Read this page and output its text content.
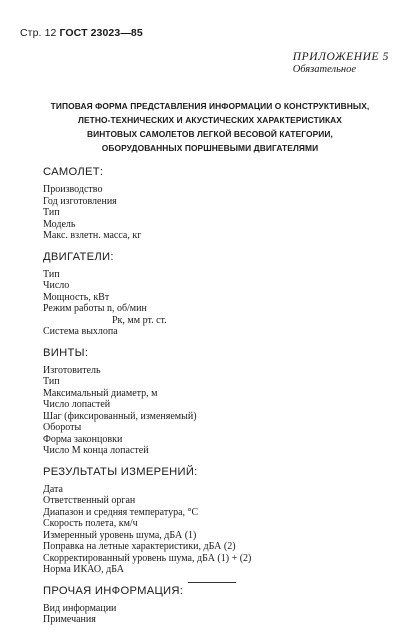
Стр. 12 ГОСТ 23023—85
ПРИЛОЖЕНИЕ 5
Обязательное
ТИПОВАЯ ФОРМА ПРЕДСТАВЛЕНИЯ ИНФОРМАЦИИ О КОНСТРУКТИВНЫХ,
ЛЕТНО-ТЕХНИЧЕСКИХ И АКУСТИЧЕСКИХ ХАРАКТЕРИСТИКАХ
ВИНТОВЫХ САМОЛЕТОВ ЛЕГКОЙ ВЕСОВОЙ КАТЕГОРИИ,
ОБОРУДОВАННЫХ ПОРШНЕВЫМИ ДВИГАТЕЛЯМИ
САМОЛЕТ:
Производство
Год изготовления
Тип
Модель
Макс. взлетн. масса, кг
ДВИГАТЕЛИ:
Тип
Число
Мощность, кВт
Режим работы n, об/мин
Pк, мм рт. ст.
Система выхлопа
ВИНТЫ:
Изготовитель
Тип
Максимальный диаметр, м
Число лопастей
Шаг (фиксированный, изменяемый)
Обороты
Форма законцовки
Число M конца лопастей
РЕЗУЛЬТАТЫ ИЗМЕРЕНИЙ:
Дата
Ответственный орган
Диапазон и средняя температура, °С
Скорость полета, км/ч
Измеренный уровень шума, дБА (1)
Поправка на летные характеристики, дБА (2)
Скорректированный уровень шума, дБА (1) + (2)
Норма ИКАО, дБА
ПРОЧАЯ ИНФОРМАЦИЯ:
Вид информации
Примечания
